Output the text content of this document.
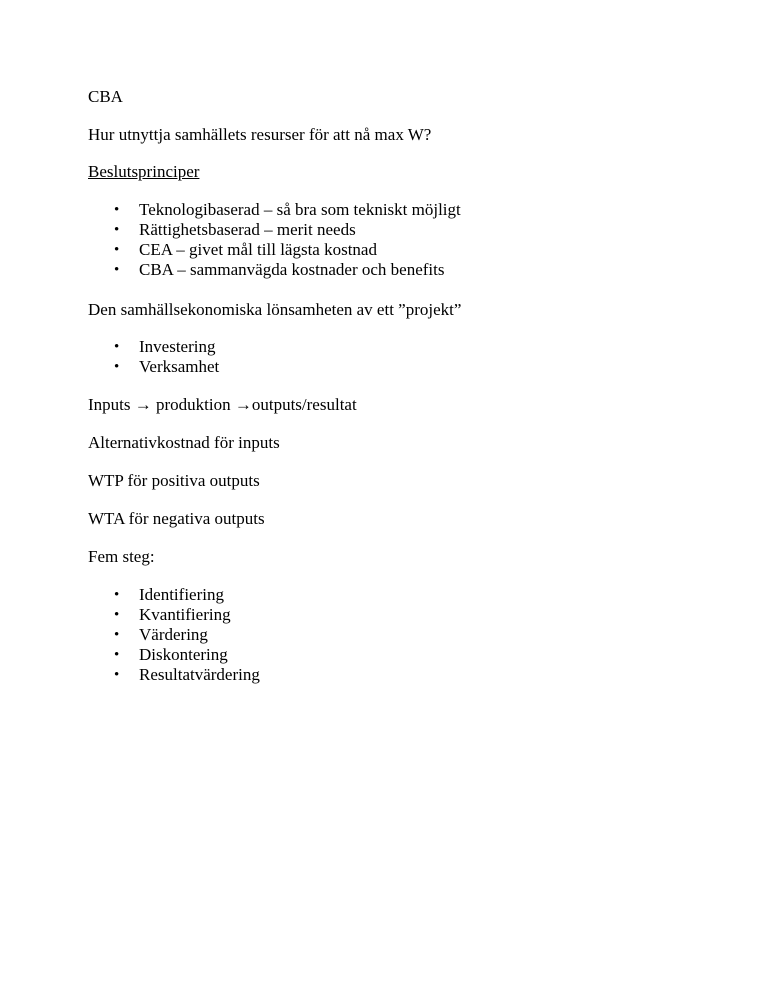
CBA

Hur utnyttja samhällets resurser för att nå max W?

Beslutsprinciper

• Teknologibaserad – så bra som tekniskt möjligt
• Rättighetsbaserad – merit needs
• CEA – givet mål till lägsta kostnad
• CBA – sammanvägda kostnader och benefits

Den samhällsekonomiska lönsamheten av ett ”projekt”

• Investering
• Verksamhet

Inputs → produktion →outputs/resultat

Alternativkostnad för inputs

WTP för positiva outputs

WTA för negativa outputs

Fem steg:

• Identifiering
• Kvantifiering
• Värdering
• Diskontering
• Resultatvärdering
